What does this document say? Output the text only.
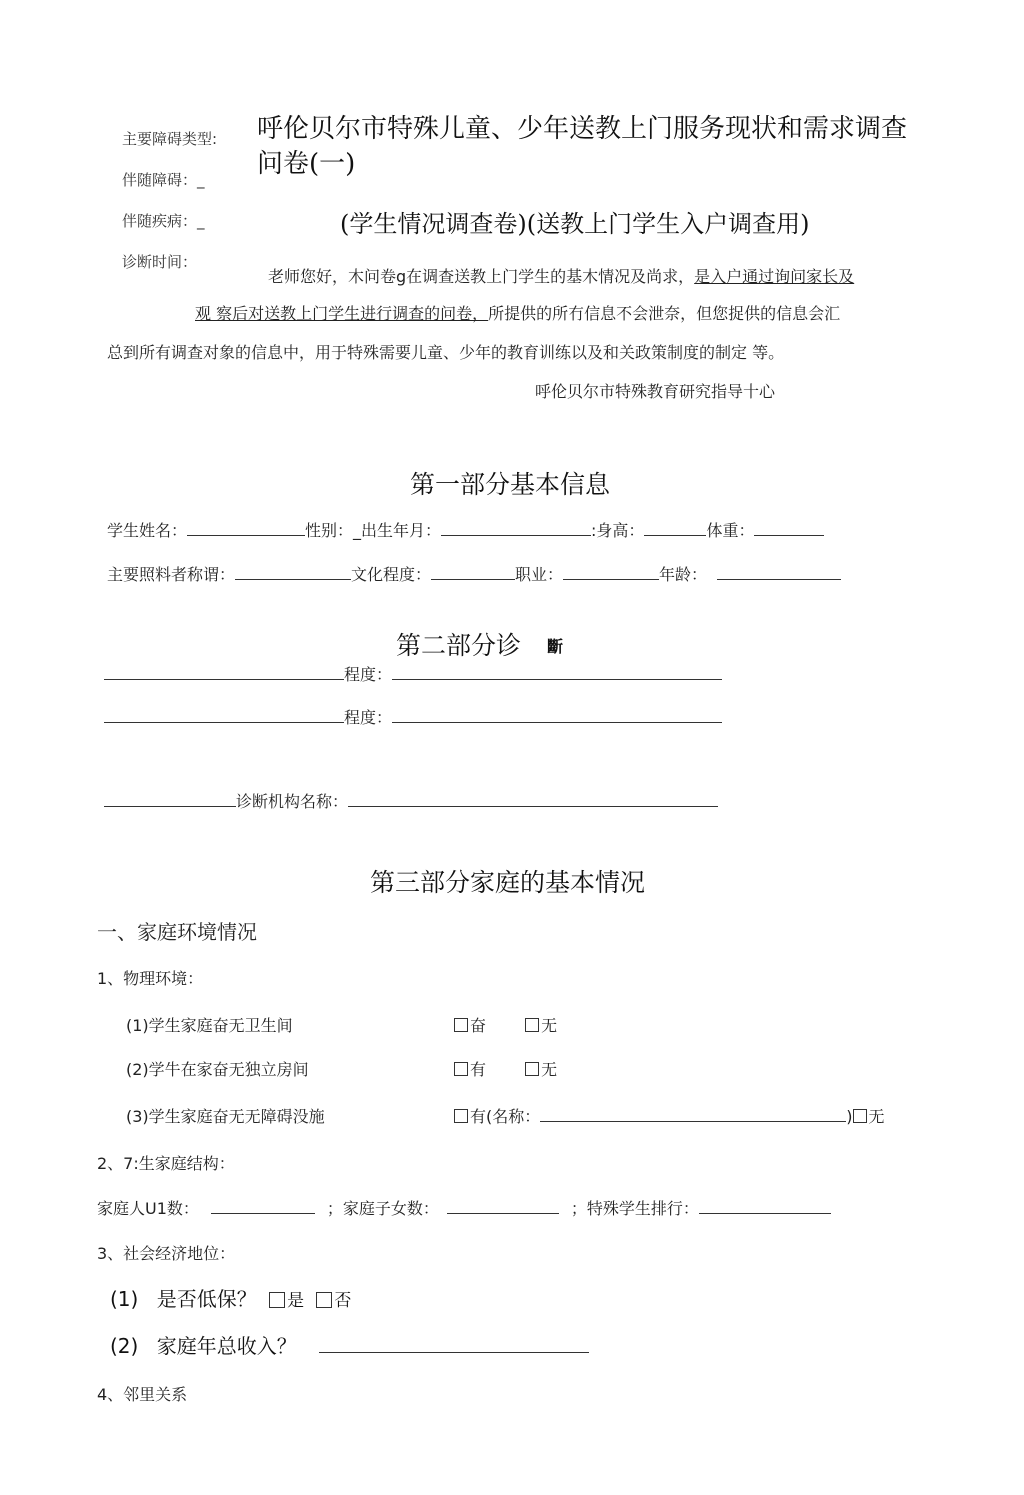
主要障碍类型:
伴随障碍：_
伴随疾病：_
诊断时间：
呼伦贝尔市特殊儿童、少年送教上门服务现状和需求调查
问卷(一)
(学生情况调查卷)(送教上门学生入户调查用)
老师您好，木问卷g在调查送教上门学生的基木情况及尚求，是入户通过询问家长及
观 察后对送教上门学生进行调查的问卷，所提供的所冇信息不会泄奈，但您捉供的信息会汇
总到所有调查对象的信息中，用于特殊需要儿童、少年的教育训练以及和关政策制度的制定 等。
呼伦贝尔市特殊教育研究指导十心
第一部分基本信息
学生姓名：	性别：_出生年月：	:身高：	体重：
主要照料者称谓：	文化程度：	职业：	年龄：
第二部分诊 斷
程度：
程度：
诊断机构名称：
第三部分家庭的基本情况
一、家庭环境情况
1、物理环境：
(1)学生家庭奋无卫生间	奋	无
(2)学牛在家奋无独立房间	有	无
(3)学生家庭奋无无障碍没施	有(名称：	) 无
2、7:生家庭结构：
家庭人U1数：	；家庭子女数：	；特殊学生排行：
3、社会经济地位：
(1) 是否低保？ 是 否
(2) 家庭年总收入？
4、邻里关系
